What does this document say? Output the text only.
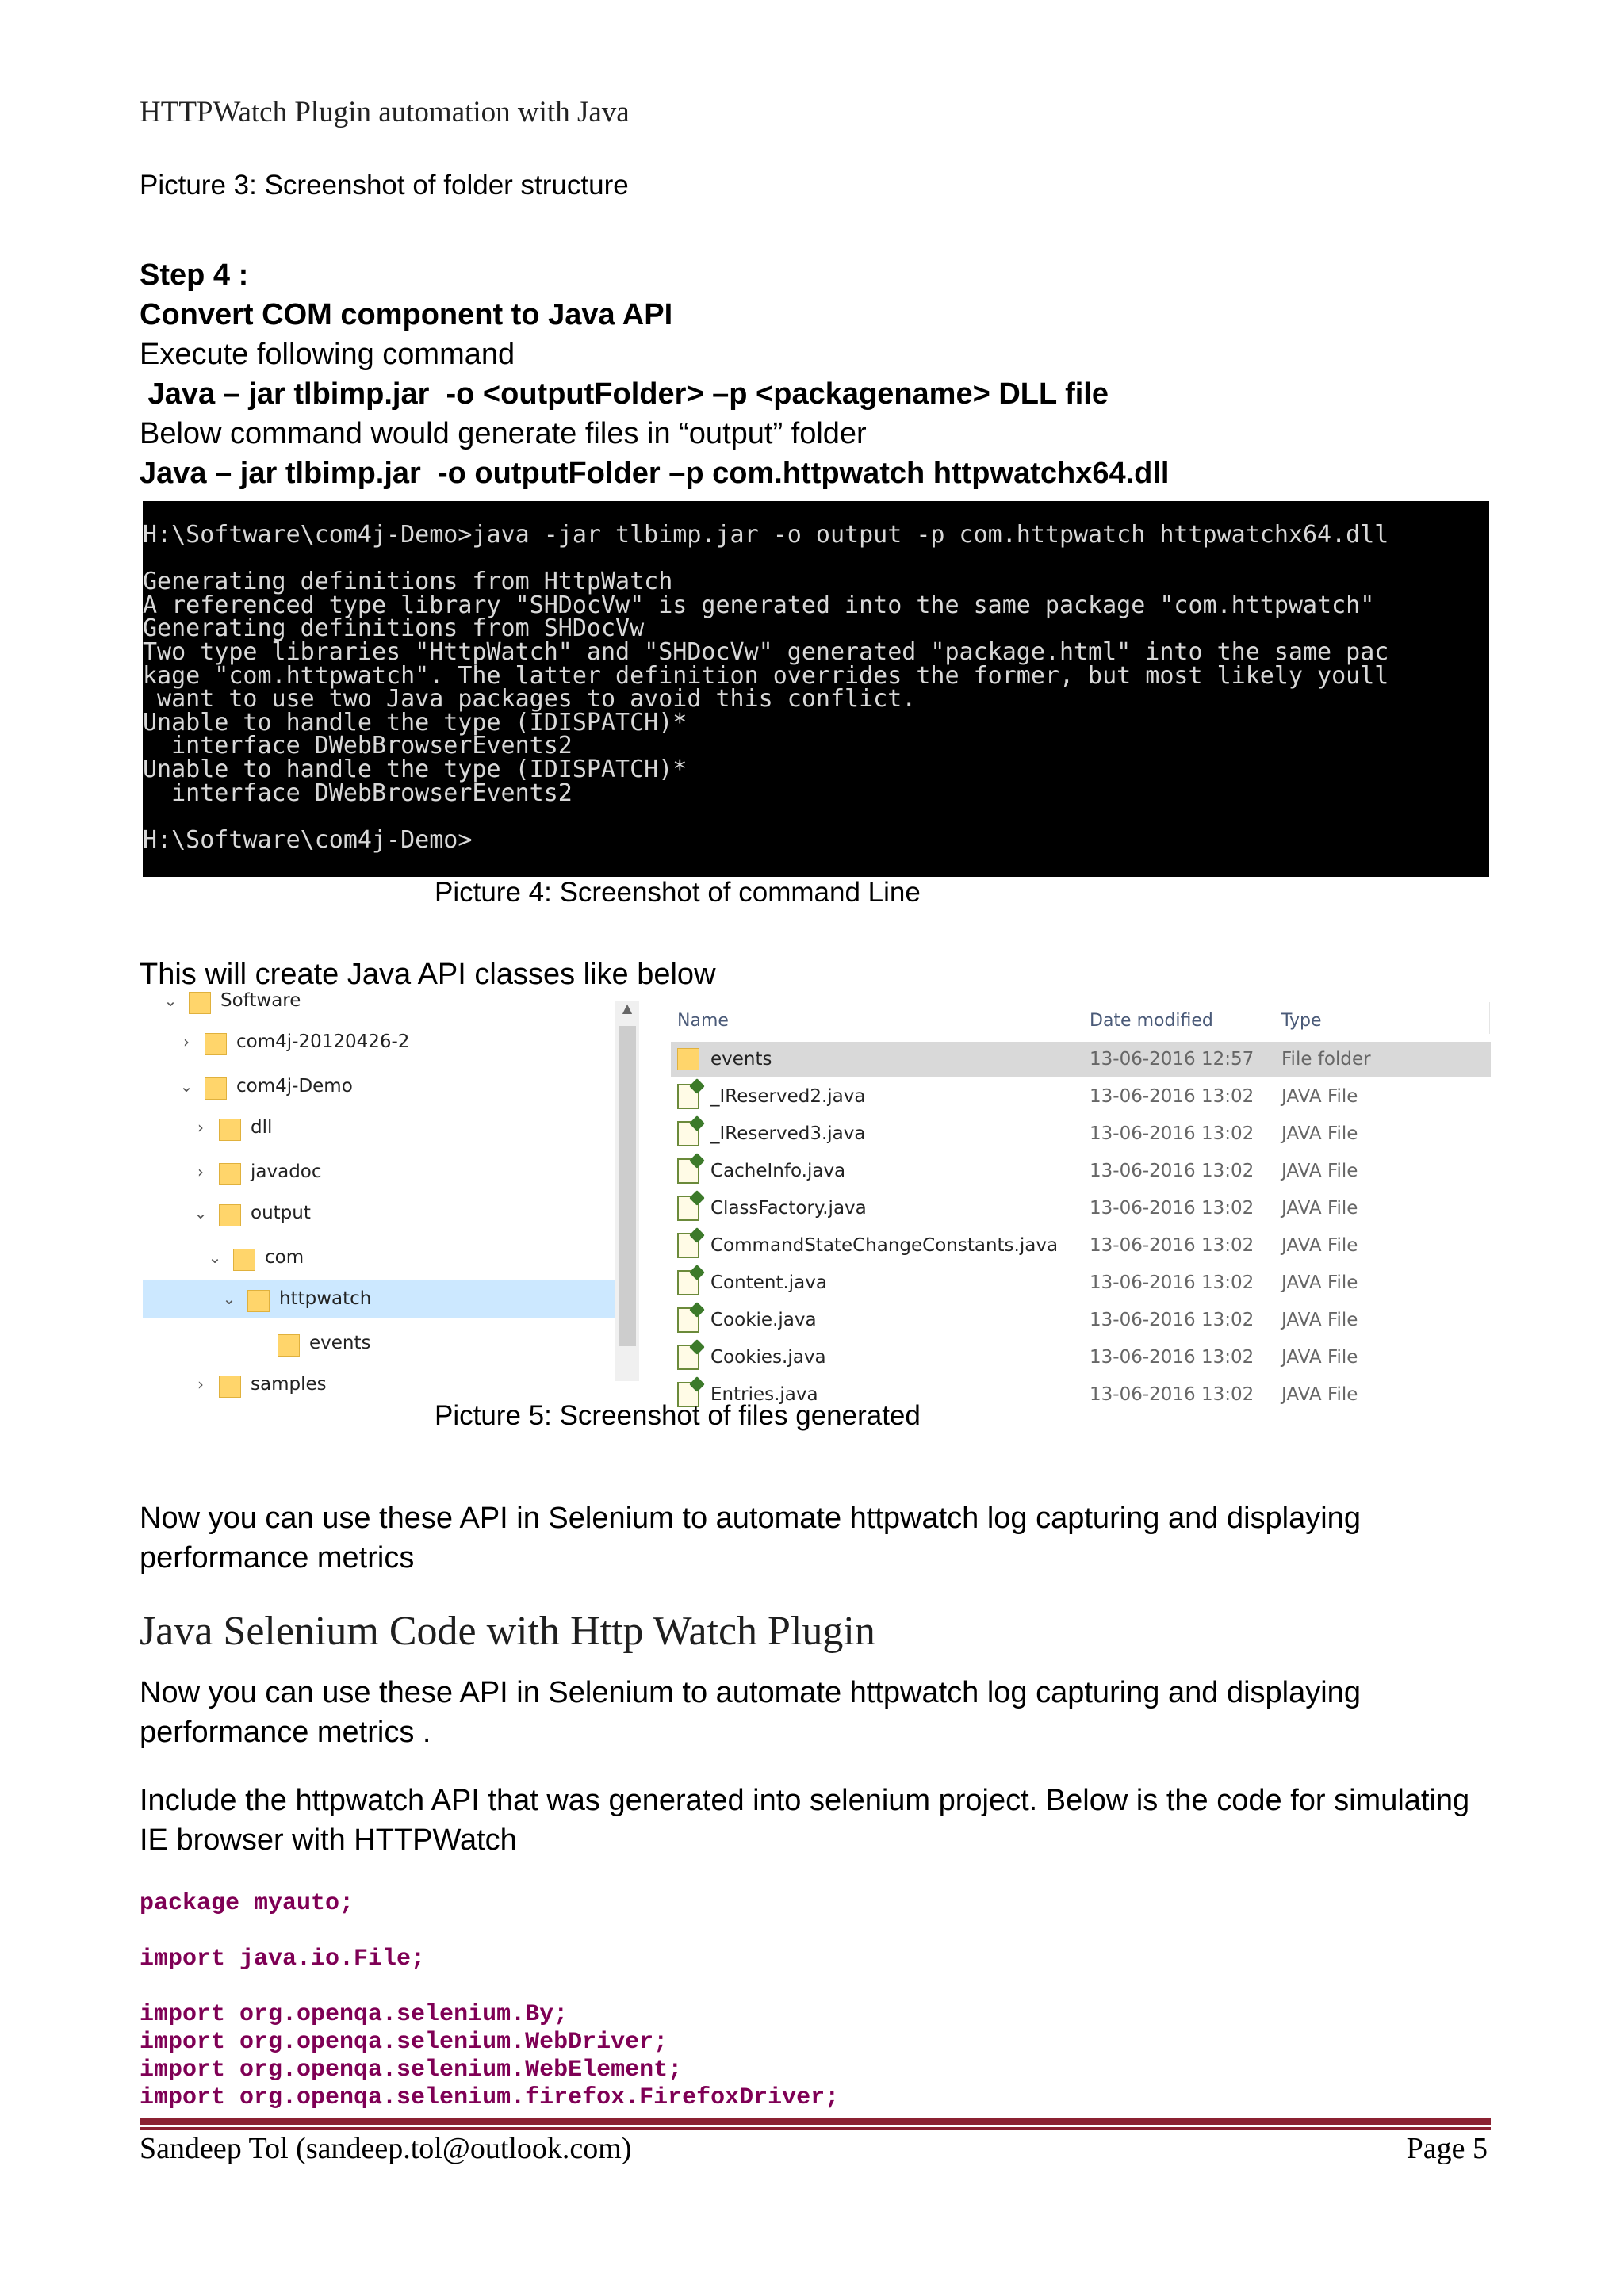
HTTPWatch Plugin automation with Java
Picture 3: Screenshot of folder structure
Step 4 :
Convert COM component to Java API
Execute following command
Java – jar tlbimp.jar  -o <outputFolder> –p <packagename> DLL file
Below command would generate files in “output” folder
Java – jar tlbimp.jar  -o outputFolder –p com.httpwatch httpwatchx64.dll
H:\Software\com4j-Demo>java -jar tlbimp.jar -o output -p com.httpwatch httpwatchx64.dll

Generating definitions from HttpWatch
A referenced type library "SHDocVw" is generated into the same package "com.httpwatch"
Generating definitions from SHDocVw
Two type libraries "HttpWatch" and "SHDocVw" generated "package.html" into the same pac
kage "com.httpwatch". The latter definition overrides the former, but most likely youll
want to use two Java packages to avoid this conflict.
Unable to handle the type (IDISPATCH)*
interface DWebBrowserEvents2
Unable to handle the type (IDISPATCH)*
interface DWebBrowserEvents2

H:\Software\com4j-Demo>
Picture 4: Screenshot of command Line
This will create Java API classes like below
⌄ Software
›	com4j-20120426-2
⌄ com4j-Demo
›	dll
›	javadoc
⌄ output
⌄ com
⌄ httpwatch
events
›	samples
▲
Name	Date modified	Type
events	13-06-2016 12:57 File folder
_IReserved2.java	13-06-2016 13:02 JAVA File
_IReserved3.java	13-06-2016 13:02 JAVA File
CacheInfo.java	13-06-2016 13:02 JAVA File
ClassFactory.java	13-06-2016 13:02 JAVA File
CommandStateChangeConstants.java 13-06-2016 13:02 JAVA File
Content.java	13-06-2016 13:02 JAVA File
Cookie.java	13-06-2016 13:02 JAVA File
Cookies.java	13-06-2016 13:02 JAVA File
Entries.java	13-06-2016 13:02 JAVA File
Picture 5: Screenshot of files generated
Now you can use these API in Selenium to automate httpwatch log capturing and displaying performance metrics
Java Selenium Code with Http Watch Plugin
Now you can use these API in Selenium to automate httpwatch log capturing and displaying performance metrics .
Include the httpwatch API that was generated into selenium project. Below is the code for simulating IE browser with HTTPWatch
package myauto;
import java.io.File;
import org.openqa.selenium.By;
import org.openqa.selenium.WebDriver;
import org.openqa.selenium.WebElement;
import org.openqa.selenium.firefox.FirefoxDriver;
Sandeep Tol (sandeep.tol@outlook.com)	Page 5
